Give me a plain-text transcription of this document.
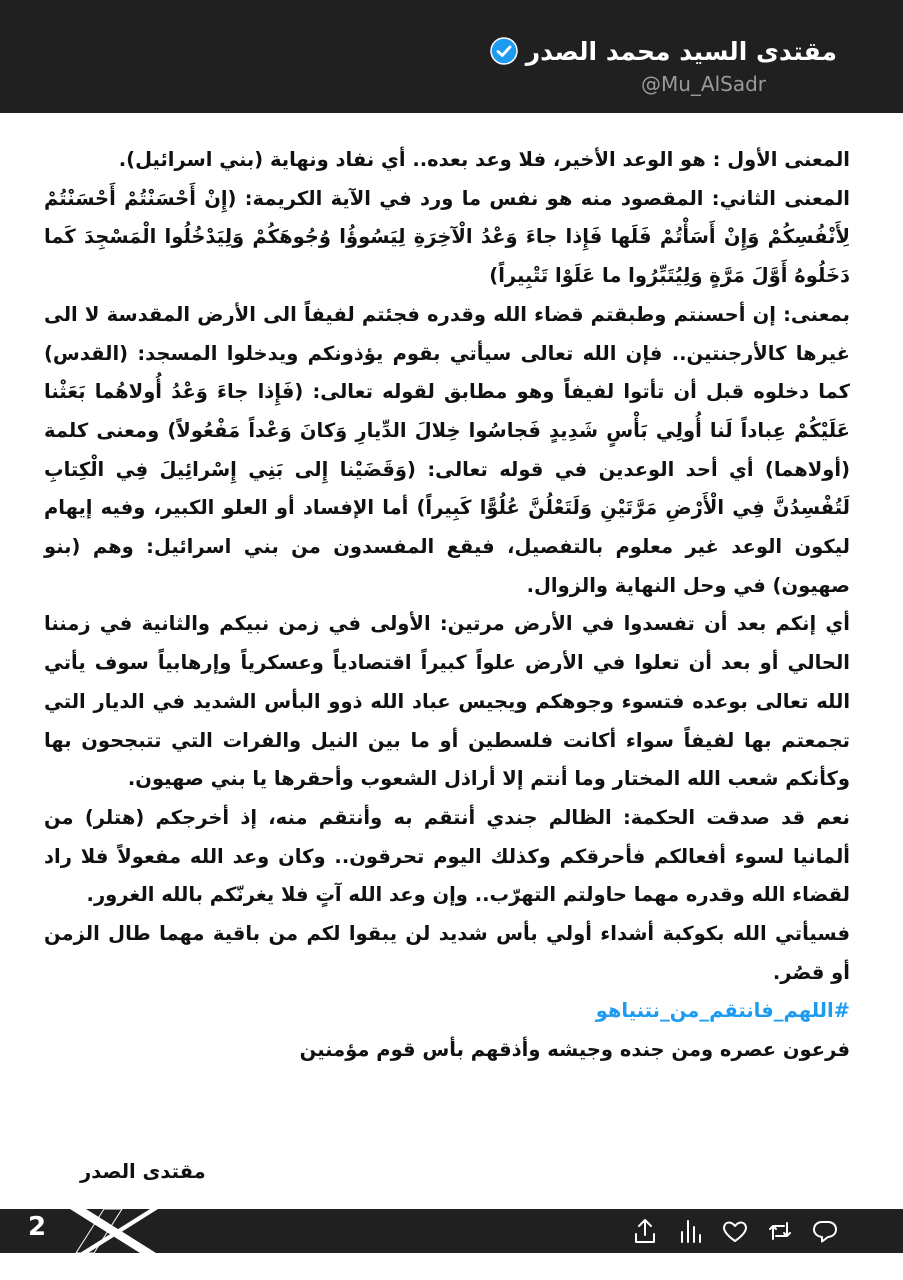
مقتدى السيد محمد الصدر
@Mu_AlSadr

المعنى الأول : هو الوعد الأخير، فلا وعد بعده.. أي نفاد ونهاية (بني اسرائيل).

المعنى الثاني: المقصود منه هو نفس ما ورد في الآية الكريمة: (إِنْ أَحْسَنْتُمْ أَحْسَنْتُمْ لِأَنْفُسِكُمْ وَإِنْ أَسَأْتُمْ فَلَها فَإِذا جاءَ وَعْدُ الْآخِرَةِ لِيَسُوؤُا وُجُوهَكُمْ وَلِيَدْخُلُوا الْمَسْجِدَ كَما دَخَلُوهُ أَوَّلَ مَرَّةٍ وَلِيُتَبِّرُوا ما عَلَوْا تَتْبِيراً)

بمعنى: إن أحسنتم وطبقتم قضاء الله وقدره فجئتم لفيفاً الى الأرض المقدسة لا الى غيرها كالأرجنتين.. فإن الله تعالى سيأتي بقوم يؤذونكم ويدخلوا المسجد: (القدس) كما دخلوه قبل أن تأتوا لفيفاً وهو مطابق لقوله تعالى: (فَإِذا جاءَ وَعْدُ أُولاهُما بَعَثْنا عَلَيْكُمْ عِباداً لَنا أُولِي بَأْسٍ شَدِيدٍ فَجاسُوا خِلالَ الدِّيارِ وَكانَ وَعْداً مَفْعُولاً) ومعنى كلمة (أولاهما) أي أحد الوعدين في قوله تعالى: (وَقَضَيْنا إِلى بَنِي إِسْرائِيلَ فِي الْكِتابِ لَتُفْسِدُنَّ فِي الْأَرْضِ مَرَّتَيْنِ وَلَتَعْلُنَّ عُلُوًّا كَبِيراً) أما الإفساد أو العلو الكبير، وفيه إيهام ليكون الوعد غير معلوم بالتفصيل، فيقع المفسدون من بني اسرائيل: وهم (بنو صهيون) في وحل النهاية والزوال.

أي إنكم بعد أن تفسدوا في الأرض مرتين: الأولى في زمن نبيكم والثانية في زمننا الحالي أو بعد أن تعلوا في الأرض علواً كبيراً اقتصادياً وعسكرياً وإرهابياً سوف يأتي الله تعالى بوعده فتسوء وجوهكم ويجيس عباد الله ذوو البأس الشديد في الديار التي تجمعتم بها لفيفاً سواء أكانت فلسطين أو ما بين النيل والفرات التي تتبجحون بها وكأنكم شعب الله المختار وما أنتم إلا أراذل الشعوب وأحقرها يا بني صهيون.

نعم قد صدقت الحكمة: الظالم جندي أنتقم به وأنتقم منه، إذ أخرجكم (هتلر) من ألمانيا لسوء أفعالكم فأحرقكم وكذلك اليوم تحرقون.. وكان وعد الله مفعولاً فلا راد لقضاء الله وقدره مهما حاولتم التهرّب.. وإن وعد الله آتٍ فلا يغرنّكم بالله الغرور.

فسيأتي الله بكوكبة أشداء أولي بأس شديد لن يبقوا لكم من باقية مهما طال الزمن أو قصُر.

#اللهم_فانتقم_من_نتنياهو

فرعون عصره ومن جنده وجيشه وأذقهم بأس قوم مؤمنين

مقتدى الصدر
2
